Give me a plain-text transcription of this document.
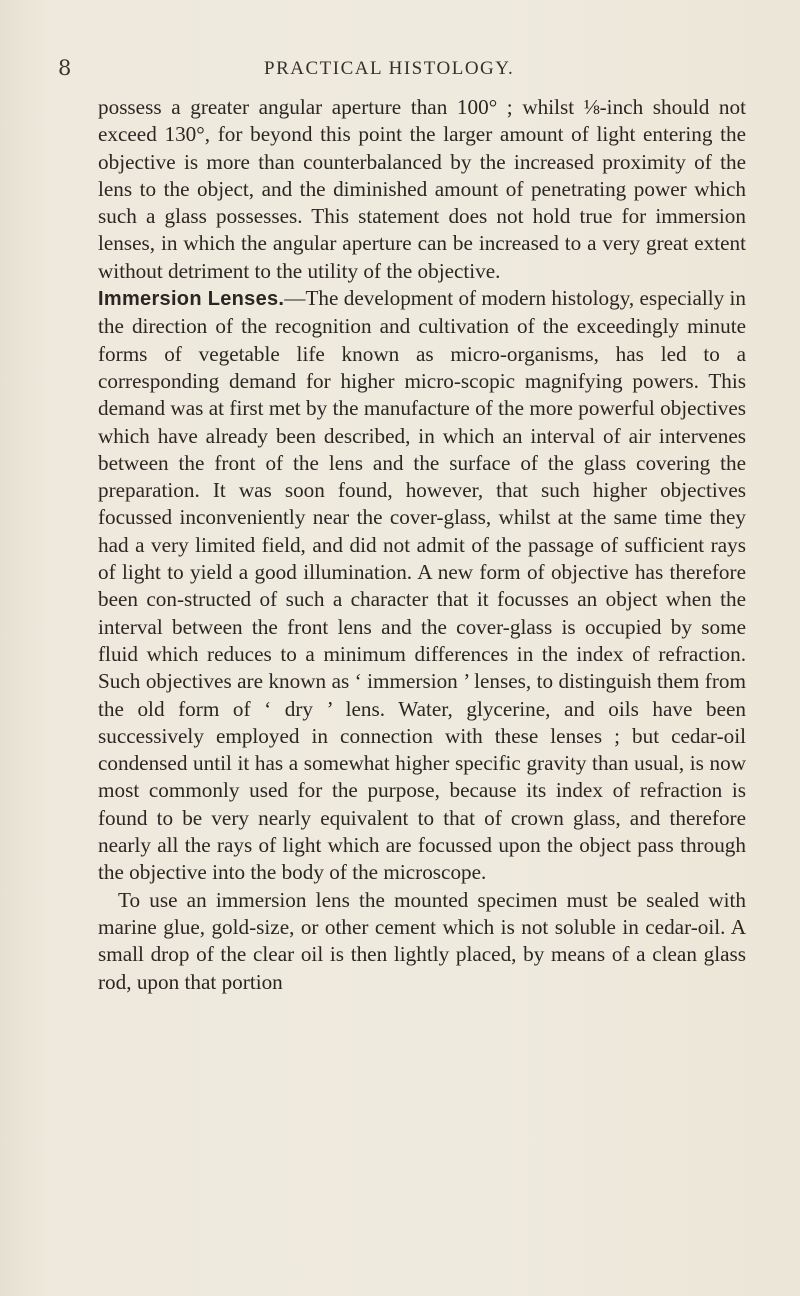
8	PRACTICAL HISTOLOGY.

possess a greater angular aperture than 100° ; whilst ⅛-inch should not exceed 130°, for beyond this point the larger amount of light entering the objective is more than counterbalanced by the increased proximity of the lens to the object, and the diminished amount of penetrating power which such a glass possesses. This statement does not hold true for immersion lenses, in which the angular aperture can be increased to a very great extent without detriment to the utility of the objective.

Immersion Lenses.—The development of modern histology, especially in the direction of the recognition and cultivation of the exceedingly minute forms of vegetable life known as micro-organisms, has led to a corresponding demand for higher micro-scopic magnifying powers. This demand was at first met by the manufacture of the more powerful objectives which have already been described, in which an interval of air intervenes between the front of the lens and the surface of the glass covering the preparation. It was soon found, however, that such higher objectives focussed inconveniently near the cover-glass, whilst at the same time they had a very limited field, and did not admit of the passage of sufficient rays of light to yield a good illumination. A new form of objective has therefore been con-structed of such a character that it focusses an object when the interval between the front lens and the cover-glass is occupied by some fluid which reduces to a minimum differences in the index of refraction. Such objectives are known as ‘ immersion ’ lenses, to distinguish them from the old form of ‘ dry ’ lens. Water, glycerine, and oils have been successively employed in connection with these lenses ; but cedar-oil condensed until it has a somewhat higher specific gravity than usual, is now most commonly used for the purpose, because its index of refraction is found to be very nearly equivalent to that of crown glass, and therefore nearly all the rays of light which are focussed upon the object pass through the objective into the body of the microscope.

To use an immersion lens the mounted specimen must be sealed with marine glue, gold-size, or other cement which is not soluble in cedar-oil. A small drop of the clear oil is then lightly placed, by means of a clean glass rod, upon that portion
